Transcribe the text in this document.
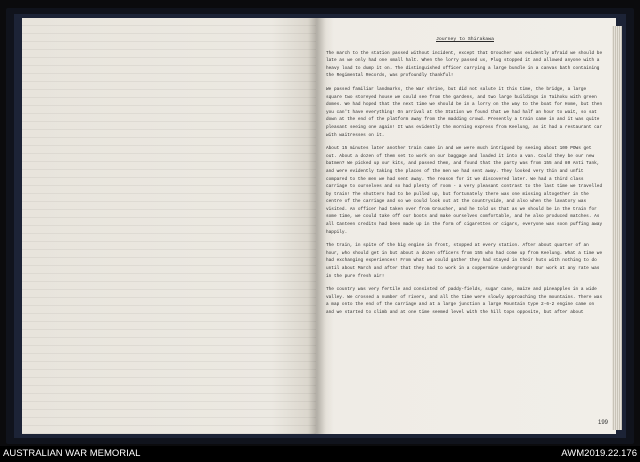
Journey to Shirakawa

The march to the station passed without incident, except that Groucher was evidently afraid we should be late as we only had one small halt. When the lorry passed us, Plug stopped it and allowed anyone with a heavy load to dump it on. The distinguished officer carrying a large bundle in a canvas bath containing the Regimental Records, was profoundly thankful!

We passed familiar landmarks, the War shrine, but did not salute it this time, the bridge, a large square two storeyed house we could see from the gardens, and two large buildings in Taihoku with green domes. We had hoped that the next time we should be in a lorry on the way to the boat for Home, but then you can't have everything! On arrival at the Station we found that we had half an hour to wait, so sat down at the end of the platform away from the madding crowd. Presently a train came in and it was quite pleasant seeing one again! It was evidently the morning express from Keelung, as it had a restaurant car with waitresses on it.

About 15 minutes later another train came in and we were much intrigued by seeing about 100 POWs get out. About a dozen of them set to work on our baggage and loaded it into a van. Could they be our new batmen? We picked up our kits, and passed them, and found that the party was from 155 and 80 Anti Tank, and were evidently taking the places of the men we had sent away. They looked very thin and unfit compared to the men we had sent away. The reason for it we discovered later. We had a third class carriage to ourselves and so had plenty of room - a very pleasant contrast to the last time we travelled by train! The shutters had to be pulled up, but fortunately there was one missing altogether in the centre of the carriage and so we could look out at the countryside, and also when the lavatory was visited. An officer had taken over from Groucher, and he told us that as we should be in the train for some time, we could take off our boots and make ourselves comfortable, and he also produced matches. As all Canteen credits had been made up in the form of cigarettes or cigars, everyone was soon puffing away happily.

The train, in spite of the big engine in front, stopped at every station. After about quarter of an hour, who should get in but about a dozen officers from 155 who had come up from Keelung. What a time we had exchanging experiences! From what we could gather they had stayed in their huts with nothing to do until about March and after that they had to work in a coppermine underground! Our work at any rate was in the pure fresh air!

The country was very fertile and consisted of paddy-fields, sugar cane, maize and pineapples in a wide valley. We crossed a number of rivers, and all the time were slowly approaching the mountains. There was a map onto the end of the carriage and at a large junction a large Mountain type 2-6-2 engine came on and we started to climb and at one time seemed level with the hill tops opposite, but after about

199
AUSTRALIAN WAR MEMORIAL	AWM2019.22.176
